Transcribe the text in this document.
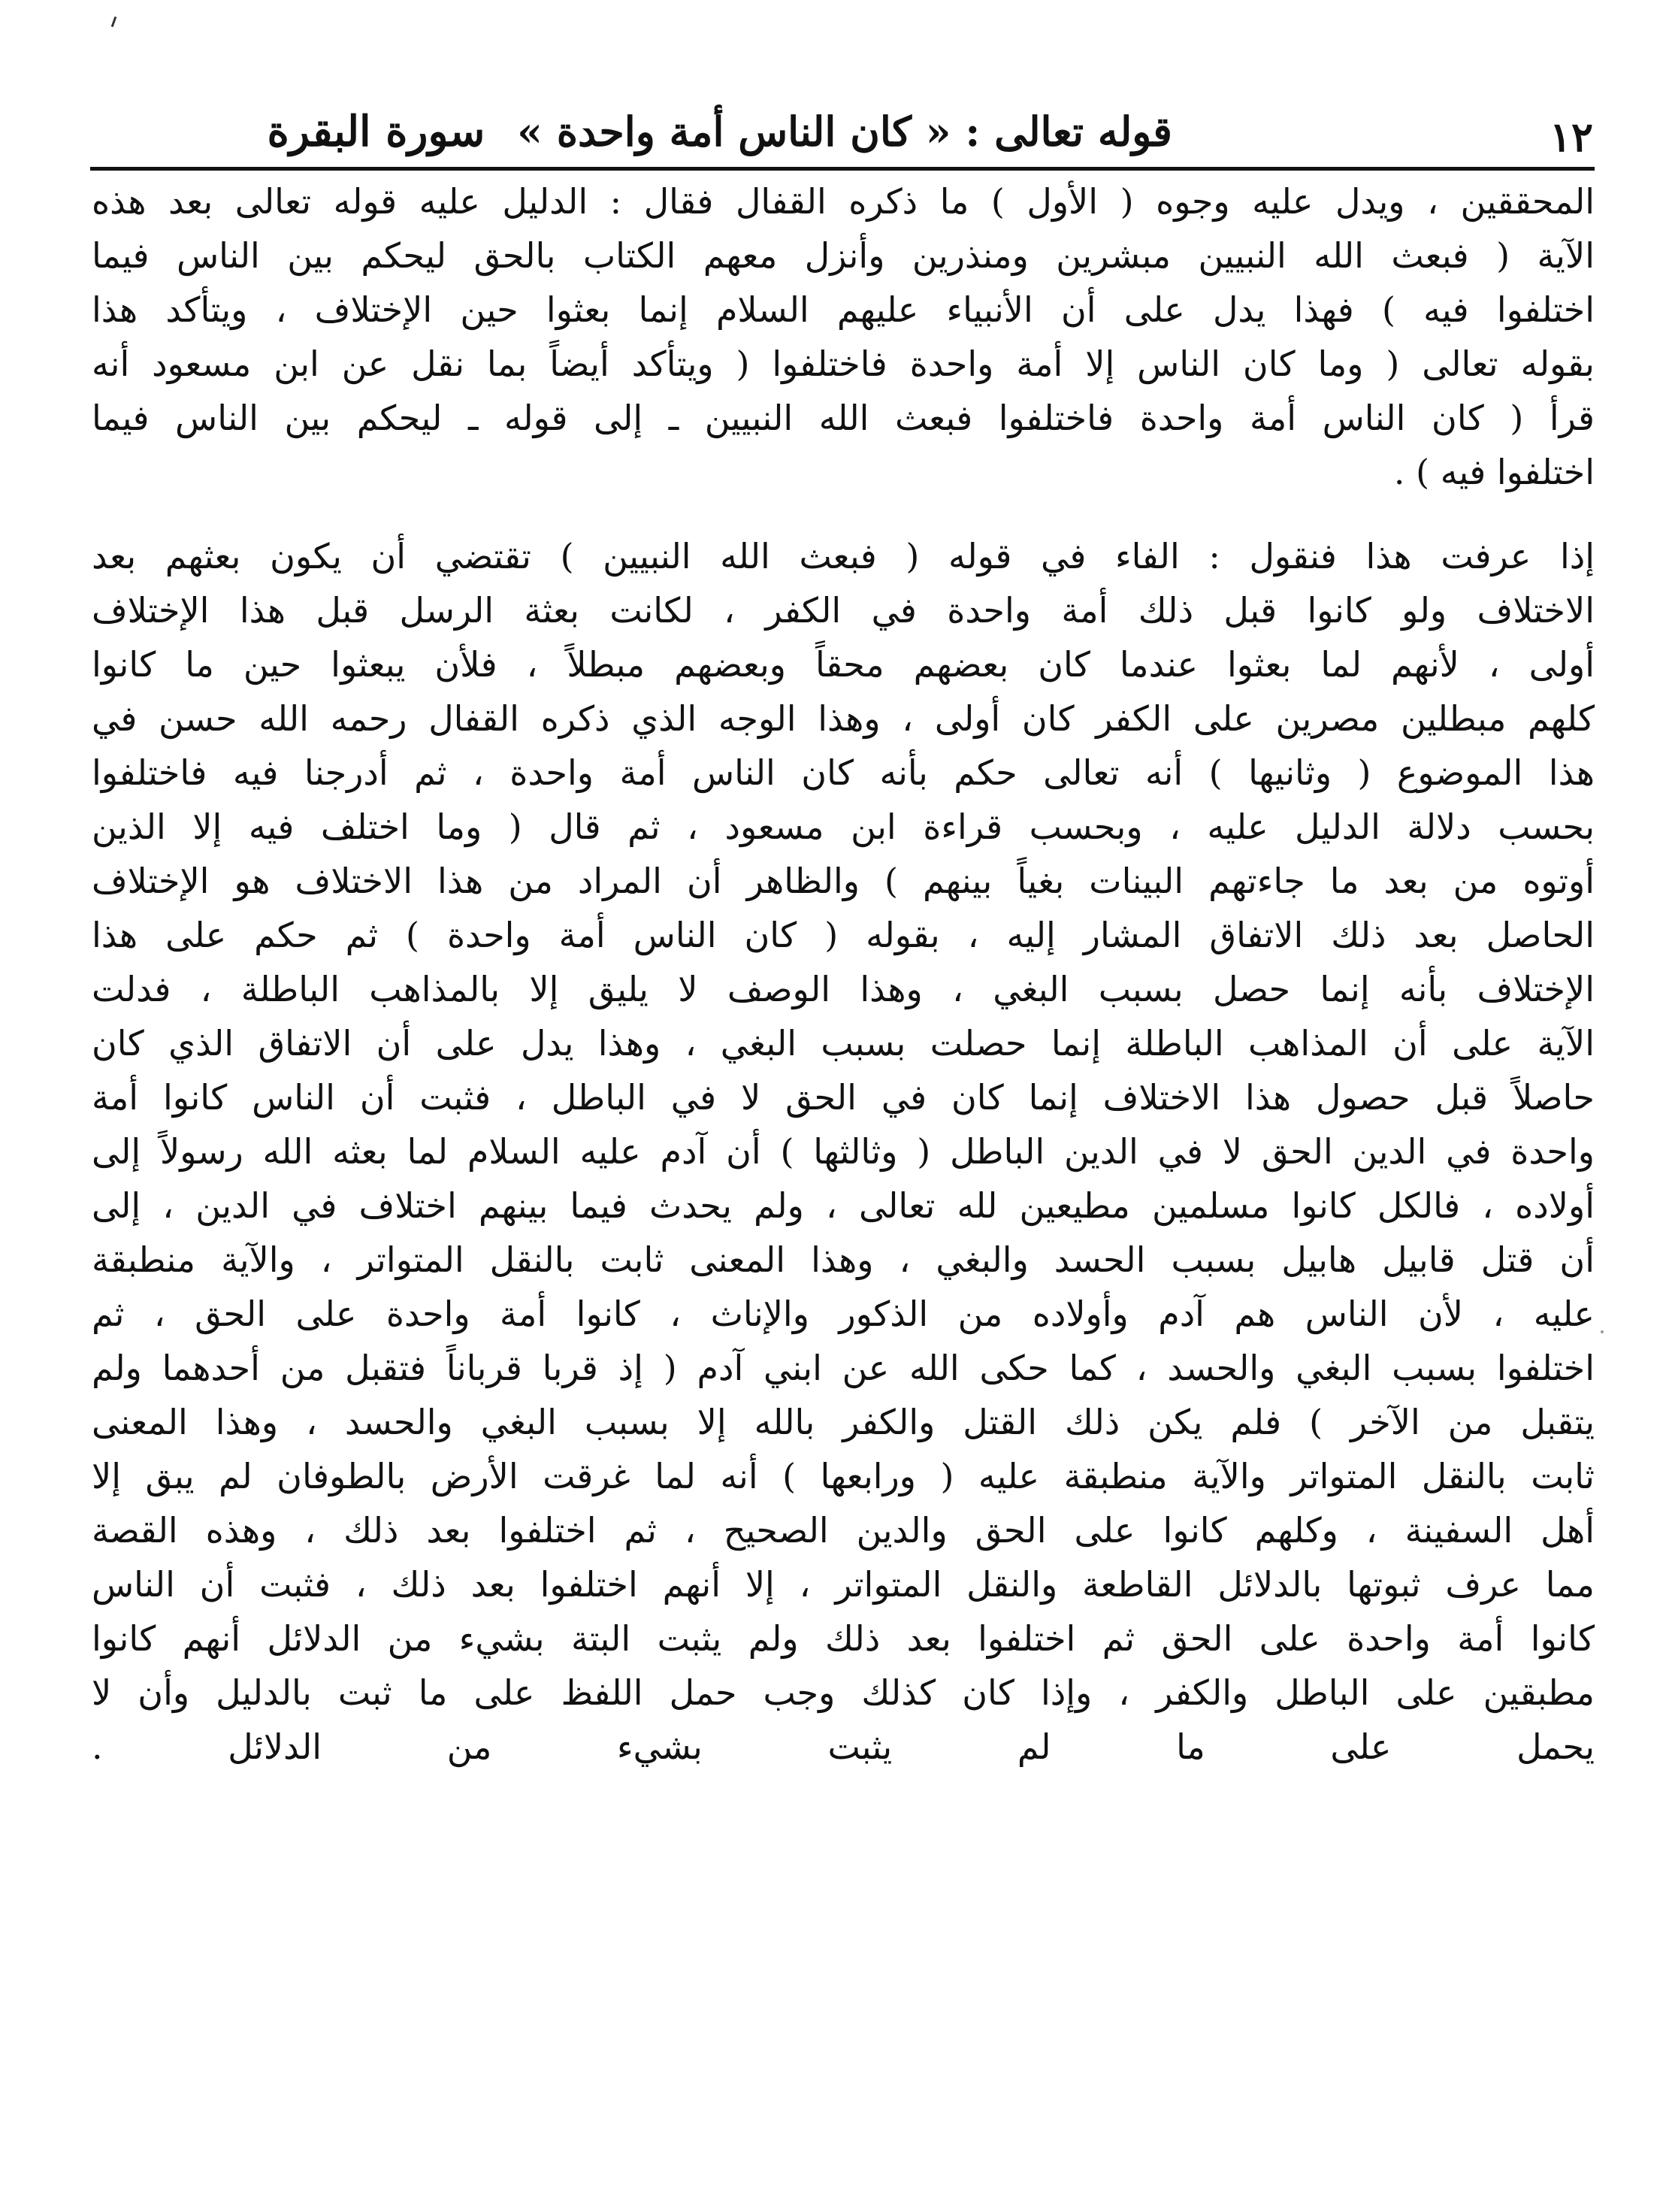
١٢
قوله تعالى : « كان الناس أمة واحدة » سورة البقرة
المحققين ، ويدل عليه وجوه ( الأول ) ما ذكره القفال فقال : الدليل عليه قوله تعالى بعد هذه
الآية ( فبعث الله النبيين مبشرين ومنذرين وأنزل معهم الكتاب بالحق ليحكم بين الناس فيما
اختلفوا فيه ) فهذا يدل على أن الأنبياء عليهم السلام إنما بعثوا حين الإختلاف ، ويتأكد هذا
بقوله تعالى ( وما كان الناس إلا أمة واحدة فاختلفوا ( ويتأكد أيضاً بما نقل عن ابن مسعود أنه
قرأ ( كان الناس أمة واحدة فاختلفوا فبعث الله النبيين ـ إلى قوله ـ ليحكم بين الناس فيما
اختلفوا فيه ) .
إذا عرفت هذا فنقول : الفاء في قوله ( فبعث الله النبيين ) تقتضي أن يكون بعثهم بعد
الاختلاف ولو كانوا قبل ذلك أمة واحدة في الكفر ، لكانت بعثة الرسل قبل هذا الإختلاف
أولى ، لأنهم لما بعثوا عندما كان بعضهم محقاً وبعضهم مبطلاً ، فلأن يبعثوا حين ما كانوا
كلهم مبطلين مصرين على الكفر كان أولى ، وهذا الوجه الذي ذكره القفال رحمه الله حسن في
هذا الموضوع ( وثانيها ) أنه تعالى حكم بأنه كان الناس أمة واحدة ، ثم أدرجنا فيه فاختلفوا
بحسب دلالة الدليل عليه ، وبحسب قراءة ابن مسعود ، ثم قال ( وما اختلف فيه إلا الذين
أوتوه من بعد ما جاءتهم البينات بغياً بينهم ) والظاهر أن المراد من هذا الاختلاف هو الإختلاف
الحاصل بعد ذلك الاتفاق المشار إليه ، بقوله ( كان الناس أمة واحدة ) ثم حكم على هذا
الإختلاف بأنه إنما حصل بسبب البغي ، وهذا الوصف لا يليق إلا بالمذاهب الباطلة ، فدلت
الآية على أن المذاهب الباطلة إنما حصلت بسبب البغي ، وهذا يدل على أن الاتفاق الذي كان
حاصلاً قبل حصول هذا الاختلاف إنما كان في الحق لا في الباطل ، فثبت أن الناس كانوا أمة
واحدة في الدين الحق لا في الدين الباطل ( وثالثها ) أن آدم عليه السلام لما بعثه الله رسولاً إلى
أولاده ، فالكل كانوا مسلمين مطيعين لله تعالى ، ولم يحدث فيما بينهم اختلاف في الدين ، إلى
أن قتل قابيل هابيل بسبب الحسد والبغي ، وهذا المعنى ثابت بالنقل المتواتر ، والآية منطبقة
عليه ، لأن الناس هم آدم وأولاده من الذكور والإناث ، كانوا أمة واحدة على الحق ، ثم
اختلفوا بسبب البغي والحسد ، كما حكى الله عن ابني آدم ( إذ قربا قرباناً فتقبل من أحدهما ولم
يتقبل من الآخر ) فلم يكن ذلك القتل والكفر بالله إلا بسبب البغي والحسد ، وهذا المعنى
ثابت بالنقل المتواتر والآية منطبقة عليه ( ورابعها ) أنه لما غرقت الأرض بالطوفان لم يبق إلا
أهل السفينة ، وكلهم كانوا على الحق والدين الصحيح ، ثم اختلفوا بعد ذلك ، وهذه القصة
مما عرف ثبوتها بالدلائل القاطعة والنقل المتواتر ، إلا أنهم اختلفوا بعد ذلك ، فثبت أن الناس
كانوا أمة واحدة على الحق ثم اختلفوا بعد ذلك ولم يثبت البتة بشيء من الدلائل أنهم كانوا
مطبقين على الباطل والكفر ، وإذا كان كذلك وجب حمل اللفظ على ما ثبت بالدليل وأن لا
يحمل على ما لم يثبت بشيء من الدلائل .
